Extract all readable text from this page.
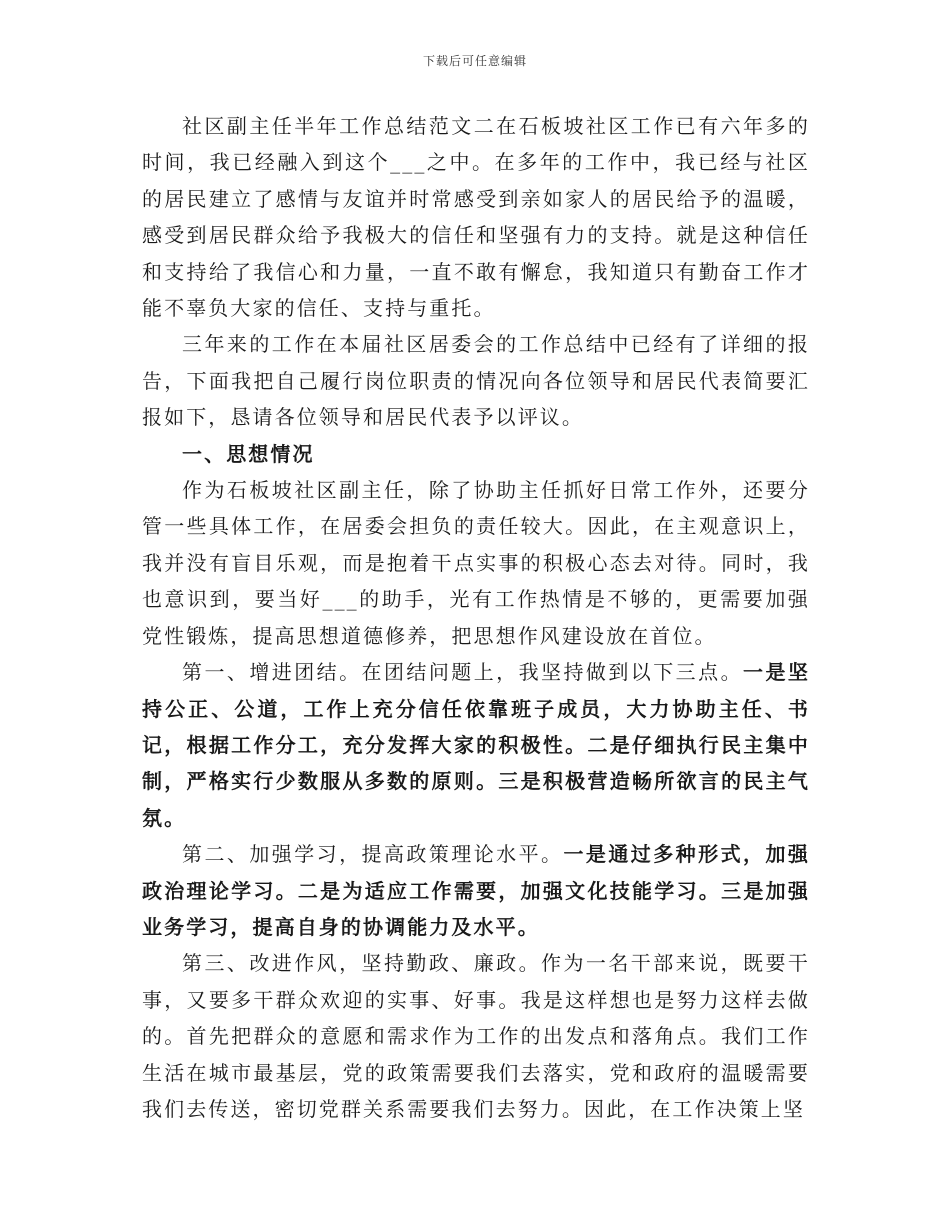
下载后可任意编辑

社区副主任半年工作总结范文二在石板坡社区工作已有六年多的时间，我已经融入到这个___之中。在多年的工作中，我已经与社区的居民建立了感情与友谊并时常感受到亲如家人的居民给予的温暖，感受到居民群众给予我极大的信任和坚强有力的支持。就是这种信任和支持给了我信心和力量，一直不敢有懈怠，我知道只有勤奋工作才能不辜负大家的信任、支持与重托。

三年来的工作在本届社区居委会的工作总结中已经有了详细的报告，下面我把自己履行岗位职责的情况向各位领导和居民代表简要汇报如下，恳请各位领导和居民代表予以评议。

一、思想情况

作为石板坡社区副主任，除了协助主任抓好日常工作外，还要分管一些具体工作，在居委会担负的责任较大。因此，在主观意识上，我并没有盲目乐观，而是抱着干点实事的积极心态去对待。同时，我也意识到，要当好___的助手，光有工作热情是不够的，更需要加强党性锻炼，提高思想道德修养，把思想作风建设放在首位。

第一、增进团结。在团结问题上，我坚持做到以下三点。一是坚持公正、公道，工作上充分信任依靠班子成员，大力协助主任、书记，根据工作分工，充分发挥大家的积极性。二是仔细执行民主集中制，严格实行少数服从多数的原则。三是积极营造畅所欲言的民主气氛。

第二、加强学习，提高政策理论水平。一是通过多种形式，加强政治理论学习。二是为适应工作需要，加强文化技能学习。三是加强业务学习，提高自身的协调能力及水平。

第三、改进作风，坚持勤政、廉政。作为一名干部来说，既要干事，又要多干群众欢迎的实事、好事。我是这样想也是努力这样去做的。首先把群众的意愿和需求作为工作的出发点和落角点。我们工作生活在城市最基层，党的政策需要我们去落实，党和政府的温暖需要我们去传送，密切党群关系需要我们去努力。因此，在工作决策上坚
